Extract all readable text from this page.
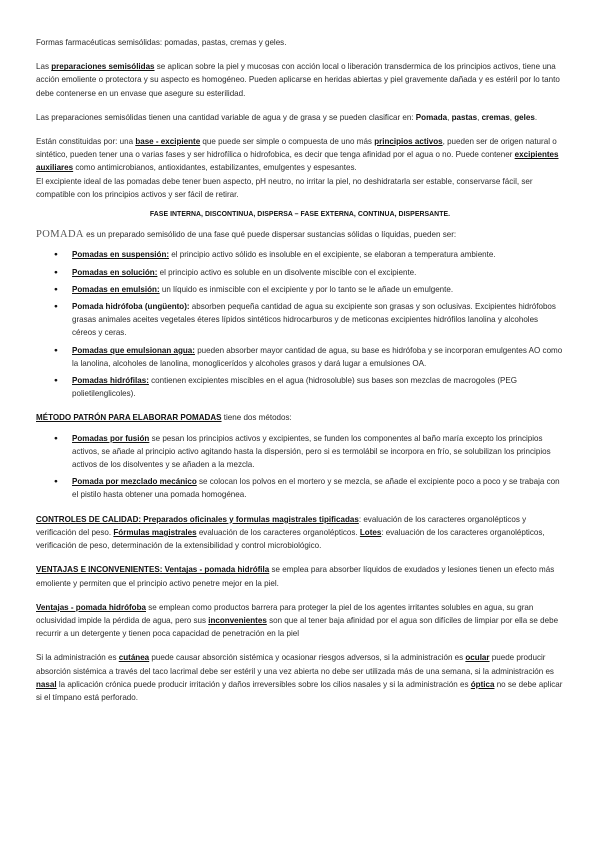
Formas farmacéuticas semisólidas: pomadas, pastas, cremas y geles.

Las preparaciones semisólidas se aplican sobre la piel y mucosas con acción local o liberación transdermica de los principios activos, tiene una acción emoliente o protectora y su aspecto es homogéneo. Pueden aplicarse en heridas abiertas y piel gravemente dañada y es estéril por lo tanto debe contenerse en un envase que asegure su esterilidad.

Las preparaciones semisólidas tienen una cantidad variable de agua y de grasa y se pueden clasificar en: Pomada, pastas, cremas, geles.

Están constituidas por: una base - excipiente que puede ser simple o compuesta de uno más principios activos, pueden ser de origen natural o sintético, pueden tener una o varias fases y ser hidrofílica o hidrofobica, es decir que tenga afinidad por el agua o no. Puede contener excipientes auxiliares como antimicrobianos, antioxidantes, estabilizantes, emulgentes y espesantes.

El excipiente ideal de las pomadas debe tener buen aspecto, pH neutro, no irritar la piel, no deshidratarla ser estable, conservarse fácil, ser compatible con los principios activos y ser fácil de retirar.

FASE INTERNA, DISCONTINUA, DISPERSA – FASE EXTERNA, CONTINUA, DISPERSANTE.

POMADA es un preparado semisólido de una fase qué puede dispersar sustancias sólidas o líquidas, pueden ser:

● Pomadas en suspensión: el principio activo sólido es insoluble en el excipiente, se elaboran a temperatura ambiente.
● Pomadas en solución: el principio activo es soluble en un disolvente miscible con el excipiente.
● Pomadas en emulsión: un líquido es inmiscible con el excipiente y por lo tanto se le añade un emulgente.
● Pomada hidrófoba (ungüento): absorben pequeña cantidad de agua su excipiente son grasas y son oclusivas. Excipientes hidrófobos grasas animales aceites vegetales éteres lípidos sintéticos hidrocarburos y de meticonas excipientes hidrófilos lanolina y alcoholes céreos y ceras.
● Pomadas que emulsionan agua: pueden absorber mayor cantidad de agua, su base es hidrófoba y se incorporan emulgentes AO como la lanolina, alcoholes de lanolina, monoglicerídos y alcoholes grasos y dará lugar a emulsiones OA.
● Pomadas hidrófilas: contienen excipientes miscibles en el agua (hidrosoluble) sus bases son mezclas de macrogoles (PEG polietilenglicoles).

MÉTODO PATRÓN PARA ELABORAR POMADAS tiene dos métodos:

● Pomadas por fusión se pesan los principios activos y excipientes, se funden los componentes al baño maría excepto los principios activos, se añade al principio activo agitando hasta la dispersión, pero si es termolábil se incorpora en frío, se solubilizan los principios activos de los disolventes y se añaden a la mezcla.
● Pomada por mezclado mecánico se colocan los polvos en el mortero y se mezcla, se añade el excipiente poco a poco y se trabaja con el pistilo hasta obtener una pomada homogénea.

CONTROLES DE CALIDAD: Preparados oficinales y formulas magistrales tipificadas: evaluación de los caracteres organolépticos y verificación del peso. Fórmulas magistrales evaluación de los caracteres organolépticos. Lotes: evaluación de los caracteres organolépticos, verificación de peso, determinación de la extensibilidad y control microbiológico.

VENTAJAS E INCONVENIENTES: Ventajas - pomada hidrófila se emplea para absorber líquidos de exudados y lesiones tienen un efecto más emoliente y permiten que el principio activo penetre mejor en la piel.

Ventajas - pomada hidrófoba se emplean como productos barrera para proteger la piel de los agentes irritantes solubles en agua, su gran oclusividad impide la pérdida de agua, pero sus inconvenientes son que al tener baja afinidad por el agua son difíciles de limpiar por ella se debe recurrir a un detergente y tienen poca capacidad de penetración en la piel

Si la administración es cutánea puede causar absorción sistémica y ocasionar riesgos adversos, si la administración es ocular puede producir absorción sistémica a través del taco lacrimal debe ser estéril y una vez abierta no debe ser utilizada más de una semana, si la administración es nasal la aplicación crónica puede producir irritación y daños irreversibles sobre los cilios nasales y si la administración es óptica no se debe aplicar si el tímpano está perforado.
